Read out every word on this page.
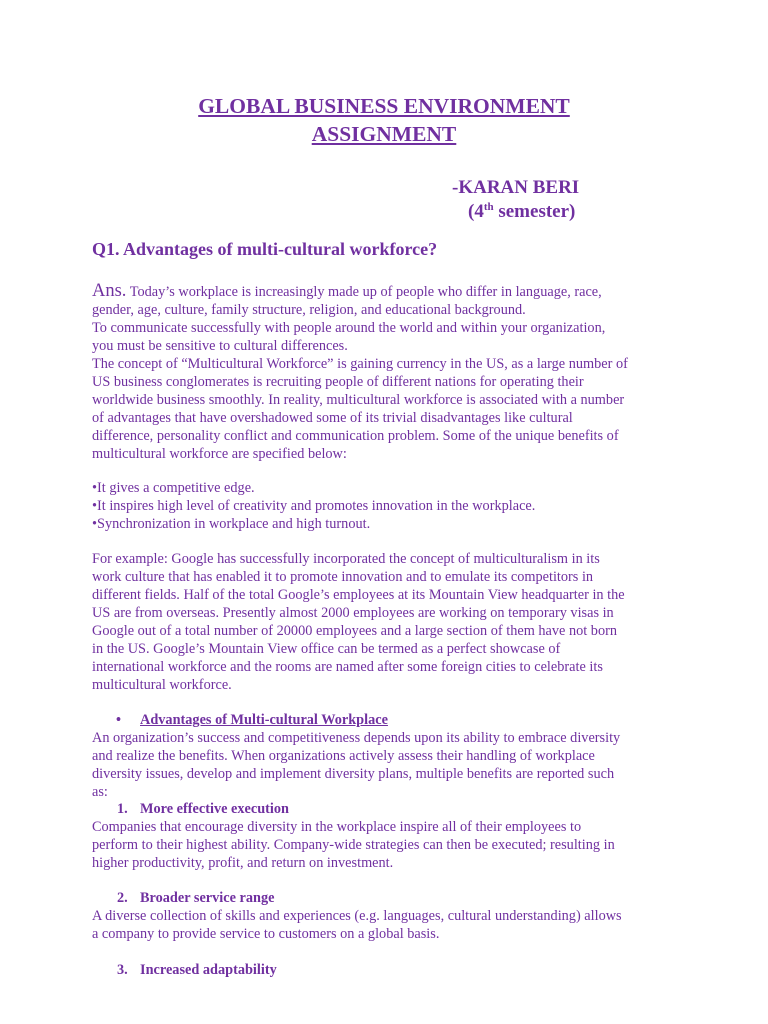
GLOBAL BUSINESS ENVIRONMENT
ASSIGNMENT
-KARAN BERI
(4th semester)
Q1. Advantages of multi-cultural workforce?
Ans. Today’s workplace is increasingly made up of people who differ in language, race,
gender, age, culture, family structure, religion, and educational background.
To communicate successfully with people around the world and within your organization,
you must be sensitive to cultural differences.
The concept of “Multicultural Workforce” is gaining currency in the US, as a large number of
US business conglomerates is recruiting people of different nations for operating their
worldwide business smoothly. In reality, multicultural workforce is associated with a number
of advantages that have overshadowed some of its trivial disadvantages like cultural
difference, personality conflict and communication problem. Some of the unique benefits of
multicultural workforce are specified below:
•It gives a competitive edge.
•It inspires high level of creativity and promotes innovation in the workplace.
•Synchronization in workplace and high turnout.
For example: Google has successfully incorporated the concept of multiculturalism in its
work culture that has enabled it to promote innovation and to emulate its competitors in
different fields. Half of the total Google’s employees at its Mountain View headquarter in the
US are from overseas. Presently almost 2000 employees are working on temporary visas in
Google out of a total number of 20000 employees and a large section of them have not born
in the US. Google’s Mountain View office can be termed as a perfect showcase of
international workforce and the rooms are named after some foreign cities to celebrate its
multicultural workforce.
• Advantages of Multi-cultural Workplace
An organization’s success and competitiveness depends upon its ability to embrace diversity
and realize the benefits. When organizations actively assess their handling of workplace
diversity issues, develop and implement diversity plans, multiple benefits are reported such
as:
1. More effective execution
Companies that encourage diversity in the workplace inspire all of their employees to
perform to their highest ability. Company-wide strategies can then be executed; resulting in
higher productivity, profit, and return on investment.
2. Broader service range
A diverse collection of skills and experiences (e.g. languages, cultural understanding) allows
a company to provide service to customers on a global basis.
3. Increased adaptability
